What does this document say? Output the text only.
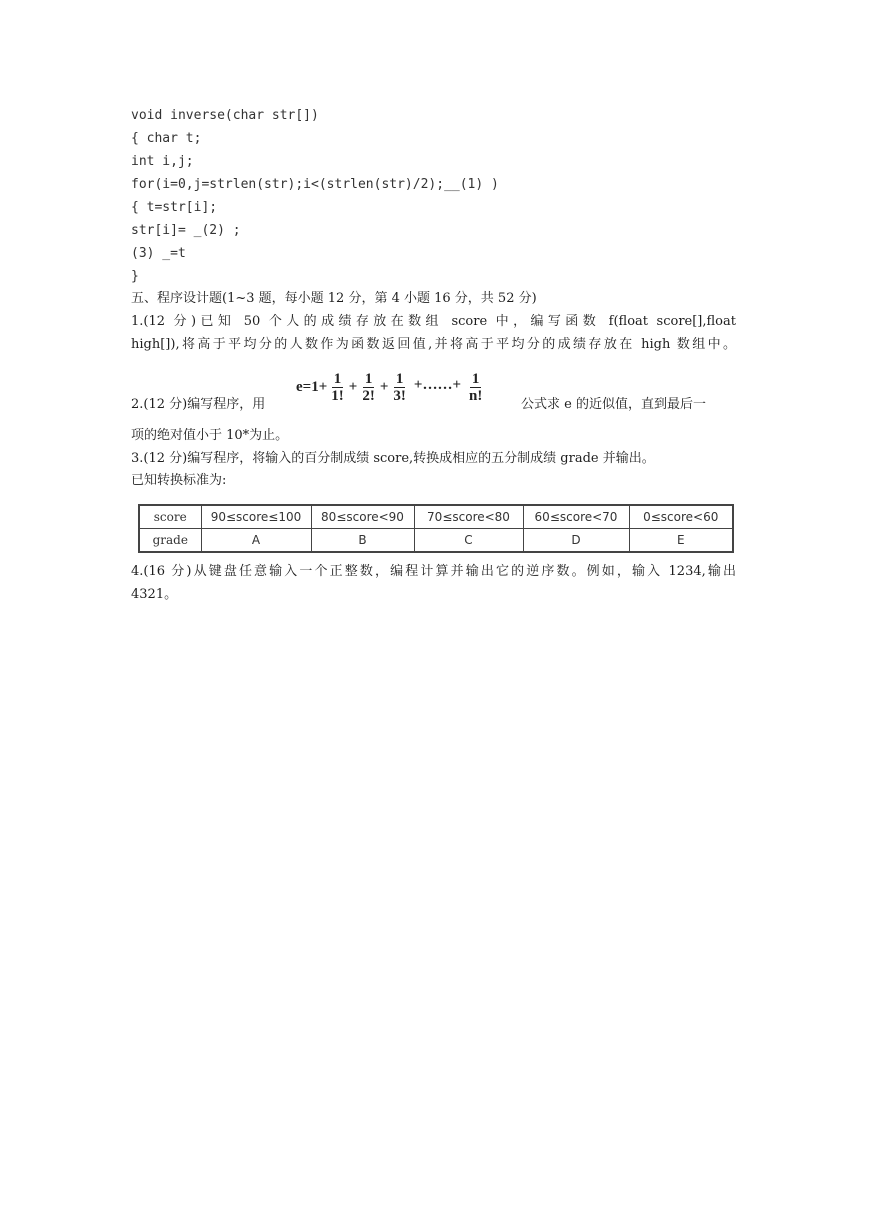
void inverse(char str[])
{ char t;
int i,j;
for(i=0,j=strlen(str);i<(strlen(str)/2);__(1) )
{ t=str[i];
str[i]= _(2) ;
(3) _=t
}
五、程序设计题(1~3 题，每小题 12 分，第 4 小题 16 分，共 52 分)
1.(12 分)已知 50 个人的成绩存放在数组 score 中，编写函数 f(float score[],float
high[]),将高于平均分的人数作为函数返回值,并将高于平均分的成绩存放在 high 数组中。
2.(12 分)编写程序，用
$e=1+ \frac{1}{1!} + \frac{1}{2!} + \frac{1}{3!}$ +……+ $\frac{1}{n!}$
公式求 e 的近似值，直到最后一
项的绝对值小于 10*为止。
3.(12 分)编写程序，将输入的百分制成绩 score,转换成相应的五分制成绩 grade 并输出。
已知转换标准为:
score	90≤score≤100	80≤score<90	70≤score<80	60≤score<70	0≤score<60
grade	A	B	C	D	E
4.(16 分)从键盘任意输入一个正整数，编程计算并输出它的逆序数。例如，输入 1234,输出
4321。
